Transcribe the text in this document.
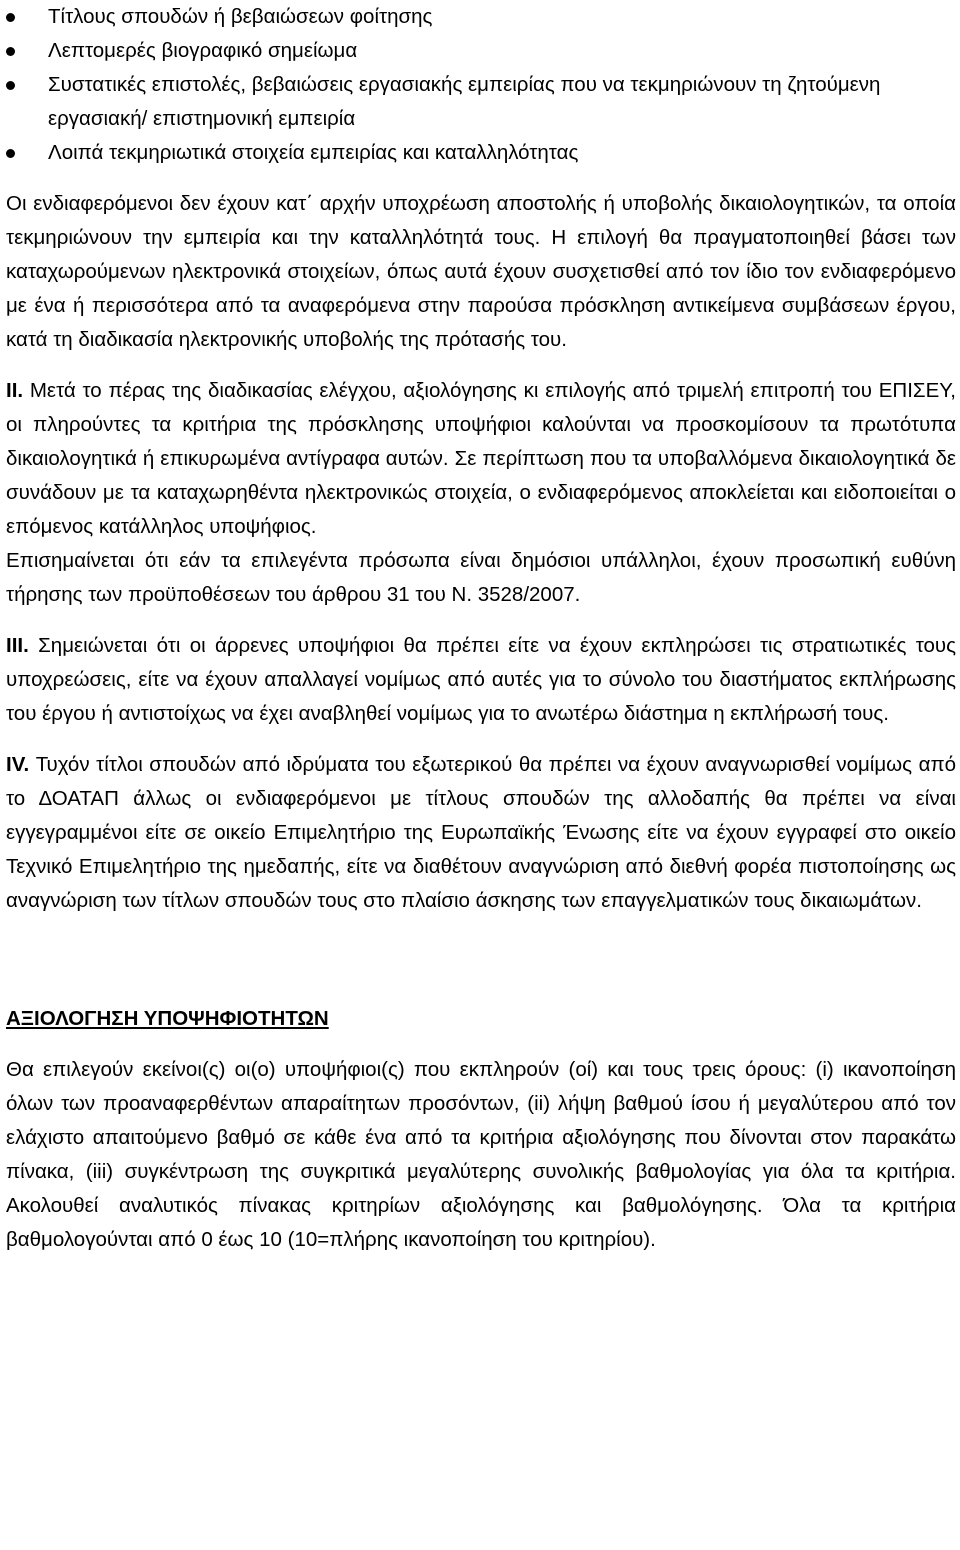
Τίτλους σπουδών ή βεβαιώσεων φοίτησης
Λεπτομερές βιογραφικό σημείωμα
Συστατικές επιστολές, βεβαιώσεις εργασιακής εμπειρίας που να τεκμηριώνουν τη ζητούμενη εργασιακή/ επιστημονική εμπειρία
Λοιπά τεκμηριωτικά στοιχεία εμπειρίας και καταλληλότητας

Οι ενδιαφερόμενοι δεν έχουν κατ΄ αρχήν υποχρέωση αποστολής ή υποβολής δικαιολογητικών, τα οποία τεκμηριώνουν την εμπειρία και την καταλληλότητά τους. Η επιλογή θα πραγματοποιηθεί βάσει των καταχωρούμενων ηλεκτρονικά στοιχείων, όπως αυτά έχουν συσχετισθεί από τον ίδιο τον ενδιαφερόμενο με ένα ή περισσότερα από τα αναφερόμενα στην παρούσα πρόσκληση αντικείμενα συμβάσεων έργου, κατά τη διαδικασία ηλεκτρονικής υποβολής της πρότασής του.

II. Μετά το πέρας της διαδικασίας ελέγχου, αξιολόγησης κι επιλογής από τριμελή επιτροπή του ΕΠΙΣΕΥ, οι πληρούντες τα κριτήρια της πρόσκλησης υποψήφιοι καλούνται να προσκομίσουν τα πρωτότυπα δικαιολογητικά ή επικυρωμένα αντίγραφα αυτών. Σε περίπτωση που τα υποβαλλόμενα δικαιολογητικά δε συνάδουν με τα καταχωρηθέντα ηλεκτρονικώς στοιχεία, ο ενδιαφερόμενος αποκλείεται και ειδοποιείται ο επόμενος κατάλληλος υποψήφιος.

Επισημαίνεται ότι εάν τα επιλεγέντα πρόσωπα είναι δημόσιοι υπάλληλοι, έχουν προσωπική ευθύνη τήρησης των προϋποθέσεων του άρθρου 31 του Ν. 3528/2007.

III. Σημειώνεται ότι οι άρρενες υποψήφιοι θα πρέπει είτε να έχουν εκπληρώσει τις στρατιωτικές τους υποχρεώσεις, είτε να έχουν απαλλαγεί νομίμως από αυτές για το σύνολο του διαστήματος εκπλήρωσης του έργου ή αντιστοίχως να έχει αναβληθεί νομίμως για το ανωτέρω διάστημα η εκπλήρωσή τους.

IV. Τυχόν τίτλοι σπουδών από ιδρύματα του εξωτερικού θα πρέπει να έχουν αναγνωρισθεί νομίμως από το ΔΟΑΤΑΠ άλλως οι ενδιαφερόμενοι με τίτλους σπουδών της αλλοδαπής θα πρέπει να είναι εγγεγραμμένοι είτε σε οικείο Επιμελητήριο της Ευρωπαϊκής Ένωσης είτε να έχουν εγγραφεί στο οικείο Τεχνικό Επιμελητήριο της ημεδαπής, είτε να διαθέτουν αναγνώριση από διεθνή φορέα πιστοποίησης ως αναγνώριση των τίτλων σπουδών τους στο πλαίσιο άσκησης των επαγγελματικών τους δικαιωμάτων.

ΑΞΙΟΛΟΓΗΣΗ ΥΠΟΨΗΦΙΟΤΗΤΩΝ

Θα επιλεγούν εκείνοι(ς) οι(ο) υποψήφιοι(ς) που εκπληρούν (οί) και τους τρεις όρους: (i) ικανοποίηση όλων των προαναφερθέντων απαραίτητων προσόντων, (ii) λήψη βαθμού ίσου ή μεγαλύτερου από τον ελάχιστο απαιτούμενο βαθμό σε κάθε ένα από τα κριτήρια αξιολόγησης που δίνονται στον παρακάτω πίνακα, (iii) συγκέντρωση της συγκριτικά μεγαλύτερης συνολικής βαθμολογίας για όλα τα κριτήρια. Ακολουθεί αναλυτικός πίνακας κριτηρίων αξιολόγησης και βαθμολόγησης. Όλα τα κριτήρια βαθμολογούνται από 0 έως 10 (10=πλήρης ικανοποίηση του κριτηρίου).
